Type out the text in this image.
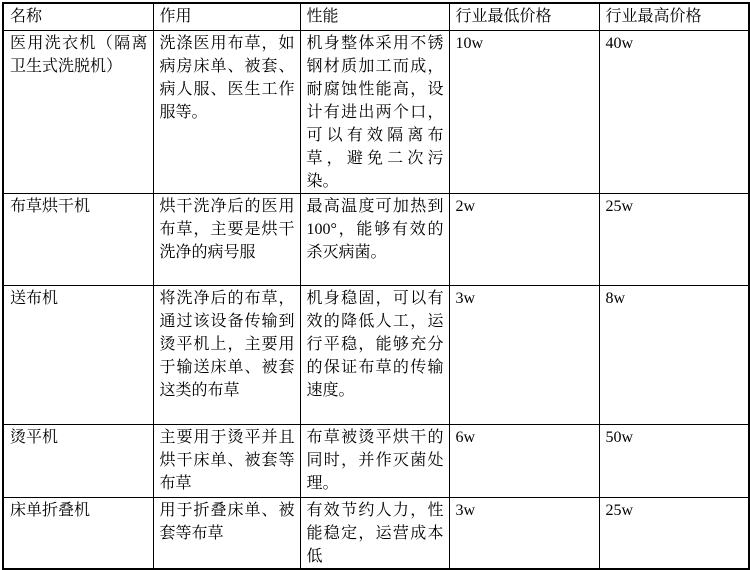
名称	作用	性能	行业最低价格	行业最高价格
医用洗衣机（隔离卫生式洗脱机）	洗涤医用布草，如病房床单、被套、病人服、医生工作服等。	机身整体采用不锈钢材质加工而成，耐腐蚀性能高，设计有进出两个口，可以有效隔离布草，避免二次污染。	10w	40w
布草烘干机	烘干洗净后的医用布草，主要是烘干洗净的病号服	最高温度可加热到 100°，能够有效的杀灭病菌。	2w	25w
送布机	将洗净后的布草，通过该设备传输到烫平机上，主要用于输送床单、被套这类的布草	机身稳固，可以有效的降低人工，运行平稳，能够充分的保证布草的传输速度。	3w	8w
烫平机	主要用于烫平并且烘干床单、被套等布草	布草被烫平烘干的同时，并作灭菌处理。	6w	50w
床单折叠机	用于折叠床单、被套等布草	有效节约人力，性能稳定，运营成本低	3w	25w
